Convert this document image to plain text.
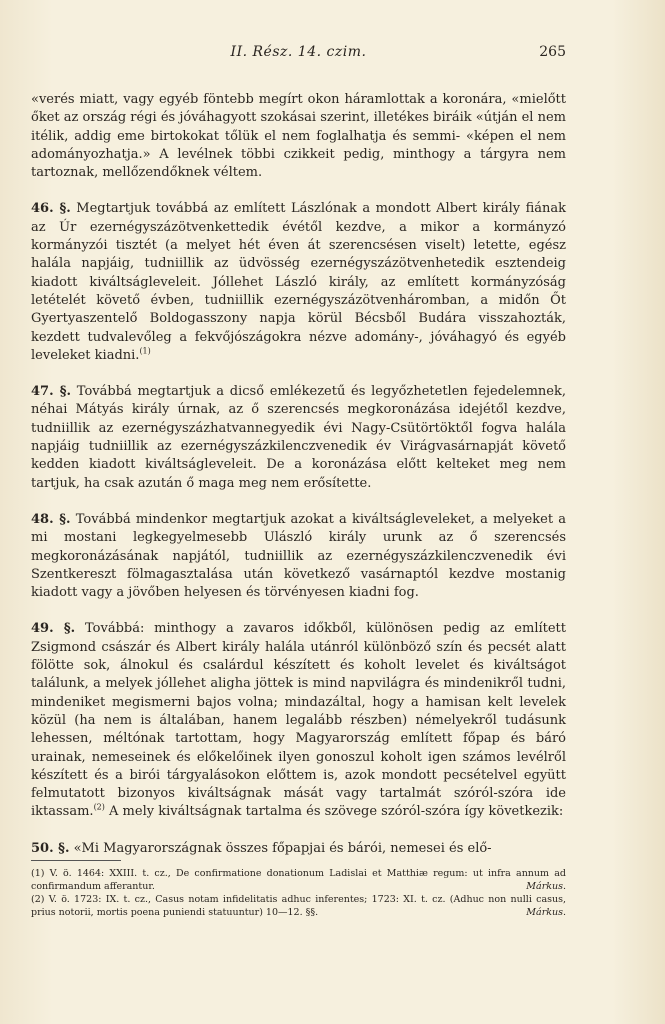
II. Rész. 14. czim.	265

«verés miatt, vagy egyéb föntebb megírt okon háramlottak a koronára, «mielőtt őket az ország régi és jóváhagyott szokásai szerint, illetékes biráik «útján el nem itélik, addig eme birtokokat tőlük el nem foglalhatja és semmi- «képen el nem adományozhatja.» A levélnek többi czikkeit pedig, minthogy a tárgyra nem tartoznak, mellőzendőknek véltem.

46. §. Megtartjuk továbbá az említett Lászlónak a mondott Albert király fiának az Úr ezernégyszázötvenkettedik évétől kezdve, a mikor a kormányzó kormányzói tisztét (a melyet hét éven át szerencsésen viselt) letette, egész halála napjáig, tudniillik az üdvösség ezernégyszázötvenhetedik esztendeig kiadott kiváltságleveleit. Jóllehet László király, az említett kormányzóság letételét követő évben, tudniillik ezernégyszázötvenháromban, a midőn Őt Gyertyaszentelő Boldogasszony napja körül Bécsből Budára visszahozták, kezdett tudvalevőleg a fekvőjószágokra nézve adomány-, jóváhagyó és egyéb leveleket kiadni.$^{(1)}$

47. §. Továbbá megtartjuk a dicső emlékezetű és legyőzhetetlen fejedelemnek, néhai Mátyás király úrnak, az ő szerencsés megkoronázása idejétől kezdve, tudniillik az ezernégyszázhatvannegyedik évi Nagy-Csütörtöktől fogva halála napjáig tudniillik az ezernégyszázkilenczvenedik év Virágvasárnapját követő kedden kiadott kiváltságleveleit. De a koronázása előtt kelteket meg nem tartjuk, ha csak azután ő maga meg nem erősítette.

48. §. Továbbá mindenkor megtartjuk azokat a kiváltságleveleket, a melyeket a mi mostani legkegyelmesebb Ulászló király urunk az ő szerencsés megkoronázásának napjától, tudniillik az ezernégyszázkilenczvenedik évi Szentkereszt fölmagasztalása után következő vasárnaptól kezdve mostanig kiadott vagy a jövőben helyesen és törvényesen kiadni fog.

49. §. Továbbá: minthogy a zavaros időkből, különösen pedig az említett Zsigmond császár és Albert király halála utánról különböző szín és pecsét alatt fölötte sok, álnokul és csalárdul készített és koholt levelet és kiváltságot találunk, a melyek jóllehet aligha jöttek is mind napvilágra és mindenikről tudni, mindeniket megismerni bajos volna; mindazáltal, hogy a hamisan kelt levelek közül (ha nem is általában, hanem legalább részben) némelyekről tudásunk lehessen, méltónak tartottam, hogy Magyarország említett főpap és báró urainak, nemeseinek és előkelőinek ilyen gonoszul koholt igen számos levélről készített és a birói tárgyalásokon előttem is, azok mondott pecsételvel együtt felmutatott bizonyos kiváltságnak mását vagy tartalmát szóról-szóra ide iktassam.$^{(2)}$ A mely kiváltságnak tartalma és szövege szóról-szóra így következik:

50. §. «Mi Magyarországnak összes főpapjai és bárói, nemesei és elő-

(1) V. ö. 1464: XXIII. t. cz., De confirmatione donationum Ladislai et Matthiæ regum: ut infra annum ad confirmandum afferantur.	Márkus.

(2) V. ö. 1723: IX. t. cz., Casus notam infidelitatis adhuc inferentes; 1723: XI. t. cz. (Adhuc non nulli casus, prius notorii, mortis poena puniendi statuuntur) 10—12. §§.	Márkus.
